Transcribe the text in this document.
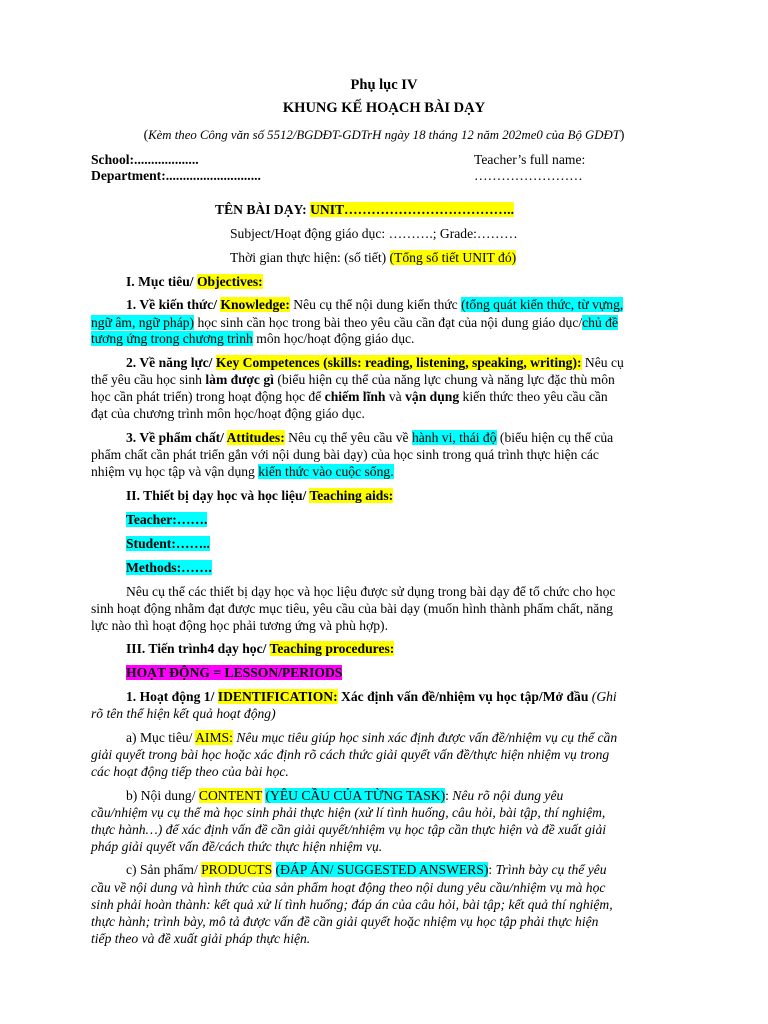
Phụ lục IV
KHUNG KẾ HOẠCH BÀI DẠY
(Kèm theo Công văn số 5512/BGDĐT-GDTrH ngày 18 tháng 12 năm 202me0 của Bộ GDĐT)
School:...................	Teacher’s full name:
Department:............................	……………………
TÊN BÀI DẠY: UNIT………………………………..
Subject/Hoạt động giáo dục: ……….; Grade:………
Thời gian thực hiện: (số tiết) (Tổng số tiết UNIT đó)
I. Mục tiêu/ Objectives:
1. Về kiến thức/ Knowledge: Nêu cụ thể nội dung kiến thức (tổng quát kiến thức, từ vựng,
ngữ âm, ngữ pháp) học sinh cần học trong bài theo yêu cầu cần đạt của nội dung giáo dục/chủ đề
tương ứng trong chương trình môn học/hoạt động giáo dục.
2. Về năng lực/ Key Competences (skills: reading, listening, speaking, writing): Nêu cụ
thể yêu cầu học sinh làm được gì (biểu hiện cụ thể của năng lực chung và năng lực đặc thù môn
học cần phát triển) trong hoạt động học để chiếm lĩnh và vận dụng kiến thức theo yêu cầu cần
đạt của chương trình môn học/hoạt động giáo dục.
3. Về phẩm chất/ Attitudes: Nêu cụ thể yêu cầu về hành vi, thái độ (biểu hiện cụ thể của
phẩm chất cần phát triển gắn với nội dung bài dạy) của học sinh trong quá trình thực hiện các
nhiệm vụ học tập và vận dụng kiến thức vào cuộc sống.
II. Thiết bị dạy học và học liệu/ Teaching aids:
Teacher:…….
Student:……..
Methods:…….
Nêu cụ thể các thiết bị dạy học và học liệu được sử dụng trong bài dạy để tổ chức cho học
sinh hoạt động nhằm đạt được mục tiêu, yêu cầu của bài dạy (muốn hình thành phẩm chất, năng
lực nào thì hoạt động học phải tương ứng và phù hợp).
III. Tiến trình4 dạy học/ Teaching procedures:
HOẠT ĐỘNG = LESSON/PERIODS
1. Hoạt động 1/ IDENTIFICATION: Xác định vấn đề/nhiệm vụ học tập/Mở đầu (Ghi
rõ tên thể hiện kết quả hoạt động)
a) Mục tiêu/ AIMS: Nêu mục tiêu giúp học sinh xác định được vấn đề/nhiệm vụ cụ thể cần
giải quyết trong bài học hoặc xác định rõ cách thức giải quyết vấn đề/thực hiện nhiệm vụ trong
các hoạt động tiếp theo của bài học.
b) Nội dung/ CONTENT (YÊU CẦU CỦA TỪNG TASK): Nêu rõ nội dung yêu
cầu/nhiệm vụ cụ thể mà học sinh phải thực hiện (xử lí tình huống, câu hỏi, bài tập, thí nghiệm,
thực hành…) để xác định vấn đề cần giải quyết/nhiệm vụ học tập cần thực hiện và đề xuất giải
pháp giải quyết vấn đề/cách thức thực hiện nhiệm vụ.
c) Sản phẩm/ PRODUCTS (ĐÁP ÁN/ SUGGESTED ANSWERS): Trình bày cụ thể yêu
cầu về nội dung và hình thức của sản phẩm hoạt động theo nội dung yêu cầu/nhiệm vụ mà học
sinh phải hoàn thành: kết quả xử lí tình huống; đáp án của câu hỏi, bài tập; kết quả thí nghiệm,
thực hành; trình bày, mô tả được vấn đề cần giải quyết hoặc nhiệm vụ học tập phải thực hiện
tiếp theo và đề xuất giải pháp thực hiện.
